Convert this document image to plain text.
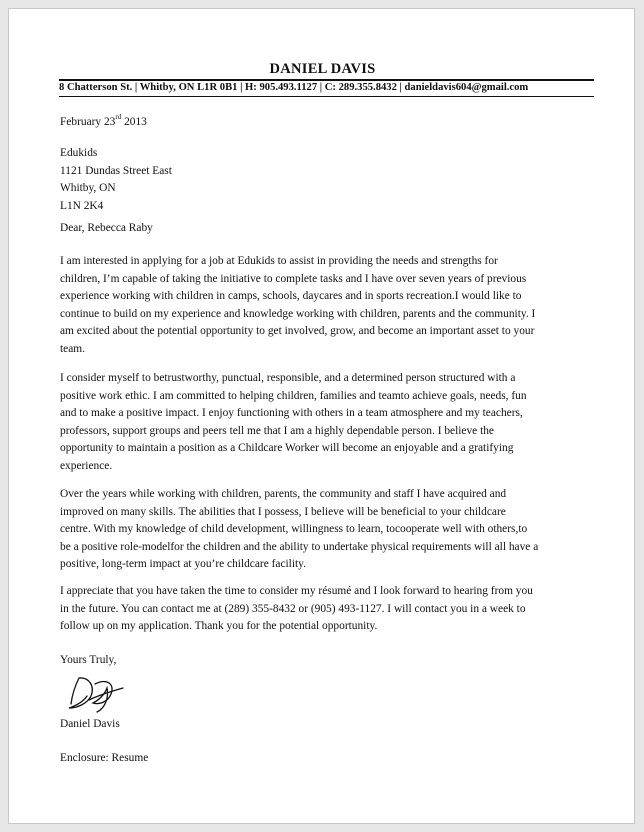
DANIEL DAVIS
8 Chatterson St. | Whitby, ON L1R 0B1 | H: 905.493.1127 | C: 289.355.8432 | danieldavis604@gmail.com
February 23rd 2013
Edukids
1121 Dundas Street East
Whitby, ON
L1N 2K4
Dear, Rebecca Raby
I am interested in applying for a job at Edukids to assist in providing the needs and strengths for
children, I’m capable of taking the initiative to complete tasks and I have over seven years of previous
experience working with children in camps, schools, daycares and in sports recreation.I would like to
continue to build on my experience and knowledge working with children, parents and the community. I
am excited about the potential opportunity to get involved, grow, and become an important asset to your
team.
I consider myself to betrustworthy, punctual, responsible, and a determined person structured with a
positive work ethic. I am committed to helping children, families and teamto achieve goals, needs, fun
and to make a positive impact. I enjoy functioning with others in a team atmosphere and my teachers,
professors, support groups and peers tell me that I am a highly dependable person. I believe the
opportunity to maintain a position as a Childcare Worker will become an enjoyable and a gratifying
experience.
Over the years while working with children, parents, the community and staff I have acquired and
improved on many skills. The abilities that I possess, I believe will be beneficial to your childcare
centre. With my knowledge of child development, willingness to learn, tocooperate well with others,to
be a positive role-modelfor the children and the ability to undertake physical requirements will all have a
positive, long-term impact at you’re childcare facility.
I appreciate that you have taken the time to consider my résumé and I look forward to hearing from you
in the future. You can contact me at (289) 355-8432 or (905) 493-1127. I will contact you in a week to
follow up on my application. Thank you for the potential opportunity.
Yours Truly,
Daniel Davis
Enclosure: Resume
